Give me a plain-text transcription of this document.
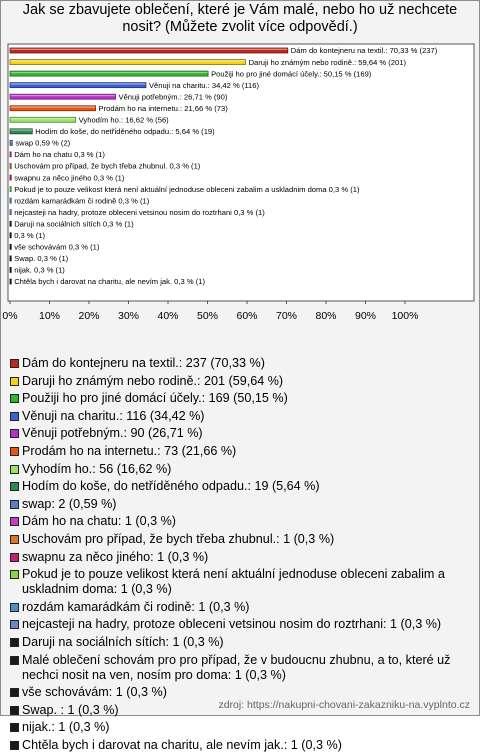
Jak se zbavujete oblečení, které je Vám malé, nebo ho už nechcete nosit? (Můžete zvolit více odpovědí.)
Dám do kontejneru na textil.: 70,33 % (237)
Daruji ho známým nebo rodině.: 59,64 % (201)
Použiji ho pro jiné domácí účely.: 50,15 % (169)
Věnuji na charitu.: 34,42 % (116)
Věnuji potřebným.: 26,71 % (90)
Prodám ho na internetu.: 21,66 % (73)
Vyhodím ho.: 16,62 % (56)
Hodím do koše, do netříděného odpadu.: 5,64 % (19)
swap 0,59 % (2)
Dám ho na chatu 0,3 % (1)
Uschovám pro případ, že bych třeba zhubnul. 0,3 % (1)
swapnu za něco jiného 0,3 % (1)
Pokud je to pouze velikost která není aktuální jednoduse obleceni zabalim a uskladnim doma 0,3 % (1)
rozdám kamarádkám či rodině 0,3 % (1)
nejcasteji na hadry, protoze obleceni vetsinou nosim do roztrhani 0,3 % (1)
Daruji na sociálních sítích 0,3 % (1)
0,3 % (1)
vše schovávám 0,3 % (1)
Swap. 0,3 % (1)
nijak. 0,3 % (1)
Chtěla bych i darovat na charitu, ale nevím jak. 0,3 % (1)
0% 10% 20% 30% 40% 50% 60% 70% 80% 90% 100%
Dám do kontejneru na textil.: 237 (70,33 %)
Daruji ho známým nebo rodině.: 201 (59,64 %)
Použiji ho pro jiné domácí účely.: 169 (50,15 %)
Věnuji na charitu.: 116 (34,42 %)
Věnuji potřebným.: 90 (26,71 %)
Prodám ho na internetu.: 73 (21,66 %)
Vyhodím ho.: 56 (16,62 %)
Hodím do koše, do netříděného odpadu.: 19 (5,64 %)
swap: 2 (0,59 %)
Dám ho na chatu: 1 (0,3 %)
Uschovám pro případ, že bych třeba zhubnul.: 1 (0,3 %)
swapnu za něco jiného: 1 (0,3 %)
Pokud je to pouze velikost která není aktuální jednoduse obleceni zabalim a uskladnim doma: 1 (0,3 %)
rozdám kamarádkám či rodině: 1 (0,3 %)
nejcasteji na hadry, protoze obleceni vetsinou nosim do roztrhani: 1 (0,3 %)
Daruji na sociálních sítích: 1 (0,3 %)
Malé oblečení schovám pro pro případ, že v budoucnu zhubnu, a to, které už nechci nosit na ven, nosím pro doma: 1 (0,3 %)
vše schovávám: 1 (0,3 %)
Swap. : 1 (0,3 %)
nijak.: 1 (0,3 %)
Chtěla bych i darovat na charitu, ale nevím jak.: 1 (0,3 %)
zdroj: https://nakupni-chovani-zakazniku-na.vyplnto.cz
